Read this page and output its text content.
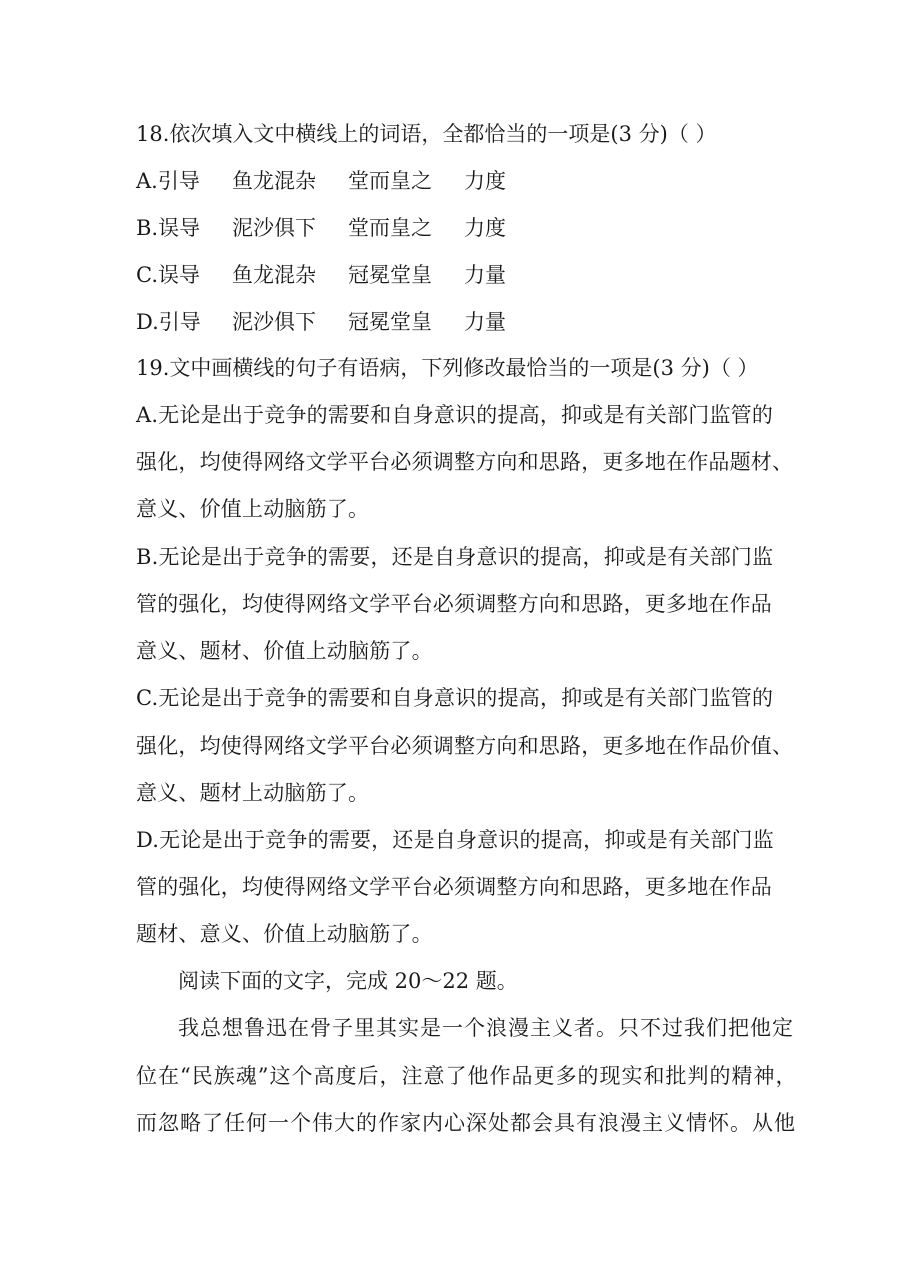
18.依次填入文中横线上的词语，全都恰当的一项是(3 分)（ ）
A.引导 鱼龙混杂 堂而皇之 力度
B.误导 泥沙俱下 堂而皇之 力度
C.误导 鱼龙混杂 冠冕堂皇 力量
D.引导 泥沙俱下 冠冕堂皇 力量
19.文中画横线的句子有语病，下列修改最恰当的一项是(3 分)（ ）
A.无论是出于竞争的需要和自身意识的提高，抑或是有关部门监管的
强化，均使得网络文学平台必须调整方向和思路，更多地在作品题材、
意义、价值上动脑筋了。
B.无论是出于竞争的需要，还是自身意识的提高，抑或是有关部门监
管的强化，均使得网络文学平台必须调整方向和思路，更多地在作品
意义、题材、价值上动脑筋了。
C.无论是出于竞争的需要和自身意识的提高，抑或是有关部门监管的
强化，均使得网络文学平台必须调整方向和思路，更多地在作品价值、
意义、题材上动脑筋了。
D.无论是出于竞争的需要，还是自身意识的提高，抑或是有关部门监
管的强化，均使得网络文学平台必须调整方向和思路，更多地在作品
题材、意义、价值上动脑筋了。
阅读下面的文字，完成 20～22 题。
我总想鲁迅在骨子里其实是一个浪漫主义者。只不过我们把他定
位在“民族魂”这个高度后，注意了他作品更多的现实和批判的精神，
而忽略了任何一个伟大的作家内心深处都会具有浪漫主义情怀。从他
